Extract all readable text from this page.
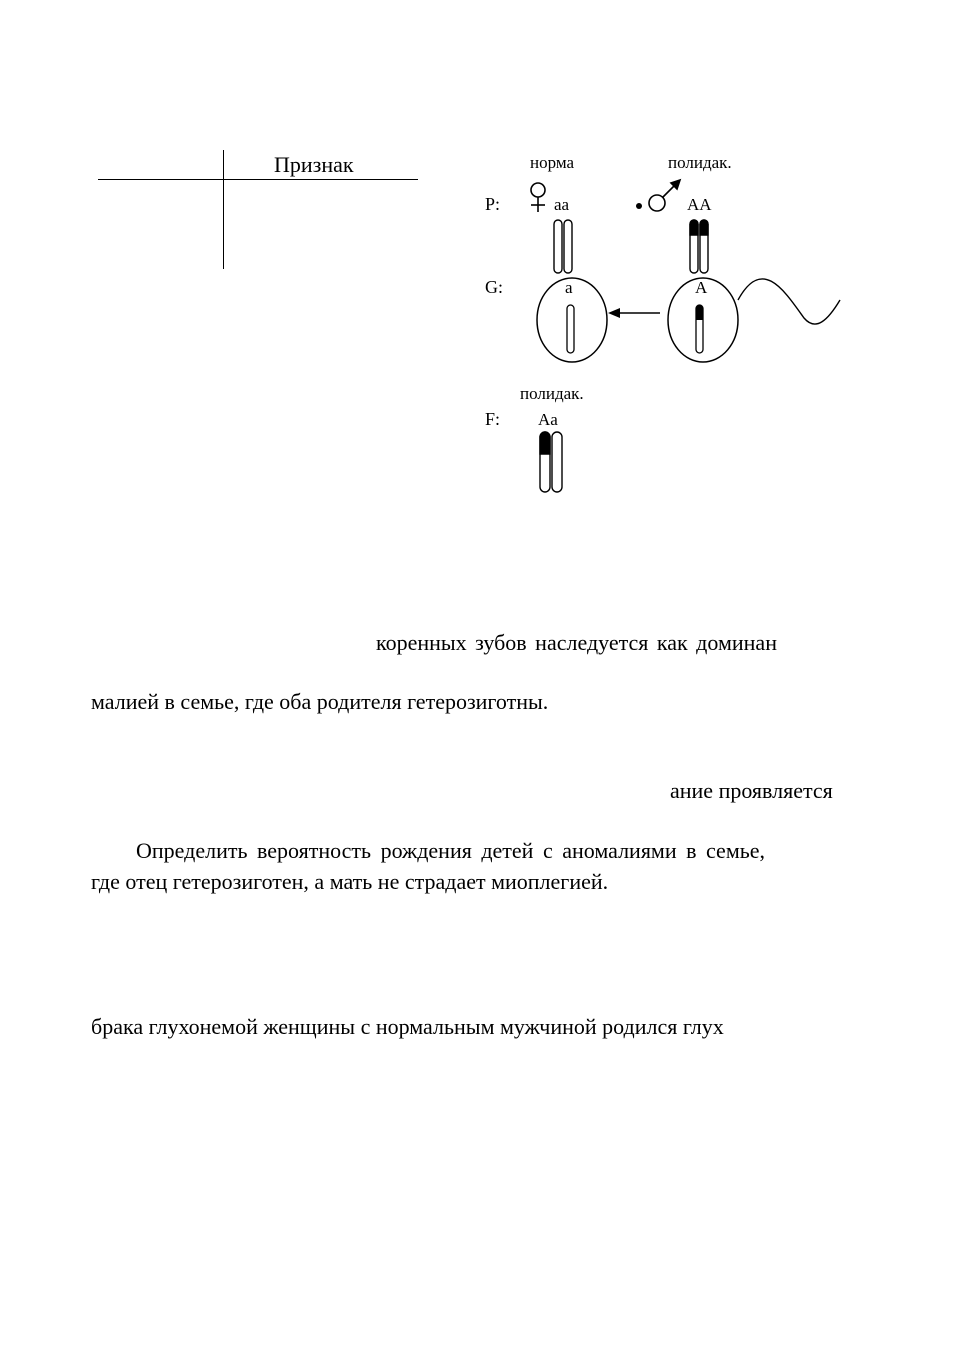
Признак
P:
G:
F:
норма	полидак.
aa	AA
a	A
полидак.
Aa
коренных зубов наследуется как доминан
малией в семье, где оба родителя гетерозиготны.
ание проявляется
Определить вероятность рождения детей с аномалиями в семье,
где отец гетерозиготен, а мать не страдает миоплегией.
брака глухонемой женщины с нормальным мужчиной родился глух
